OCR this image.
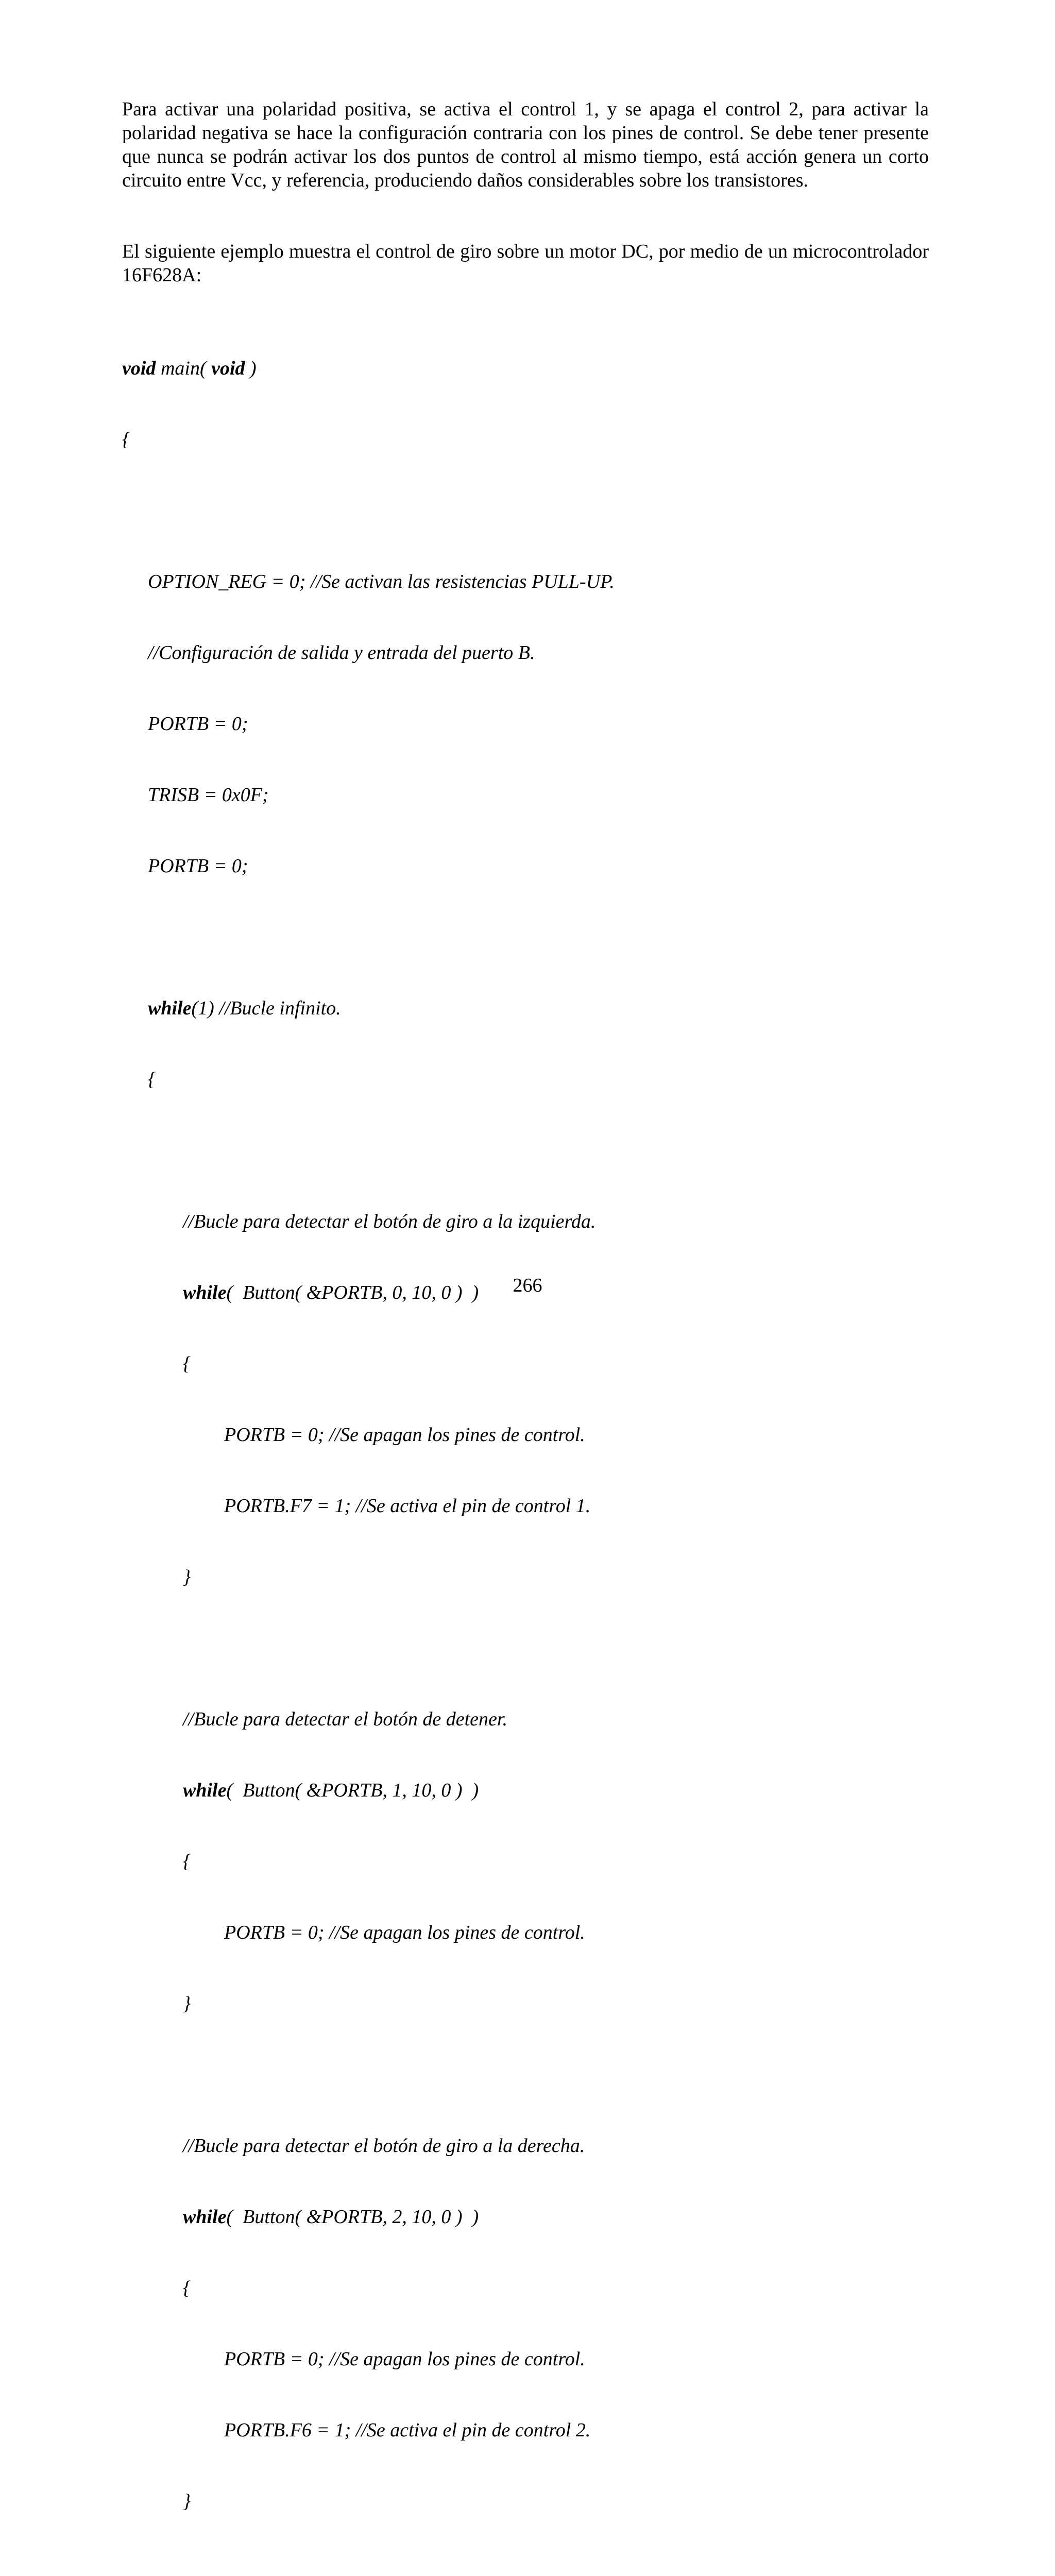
Para activar una polaridad positiva, se activa el control 1, y se apaga el control 2, para activar la polaridad negativa se hace la configuración contraria con los pines de control. Se debe tener presente que nunca se podrán activar los dos puntos de control al mismo tiempo, está acción genera un corto circuito entre Vcc, y referencia, produciendo daños considerables sobre los transistores.

El siguiente ejemplo muestra el control de giro sobre un motor DC, por medio de un microcontrolador 16F628A:

void main( void )

{

OPTION_REG = 0; //Se activan las resistencias PULL-UP.

//Configuración de salida y entrada del puerto B.

PORTB = 0;

TRISB = 0x0F;

PORTB = 0;

while(1) //Bucle infinito.

{

//Bucle para detectar el botón de giro a la izquierda.

while(  Button( &PORTB, 0, 10, 0 )  )

{

PORTB = 0; //Se apagan los pines de control.

PORTB.F7 = 1; //Se activa el pin de control 1.

}

//Bucle para detectar el botón de detener.

while(  Button( &PORTB, 1, 10, 0 )  )

{

PORTB = 0; //Se apagan los pines de control.

}

//Bucle para detectar el botón de giro a la derecha.

while(  Button( &PORTB, 2, 10, 0 )  )

{

PORTB = 0; //Se apagan los pines de control.

PORTB.F6 = 1; //Se activa el pin de control 2.

}

266
